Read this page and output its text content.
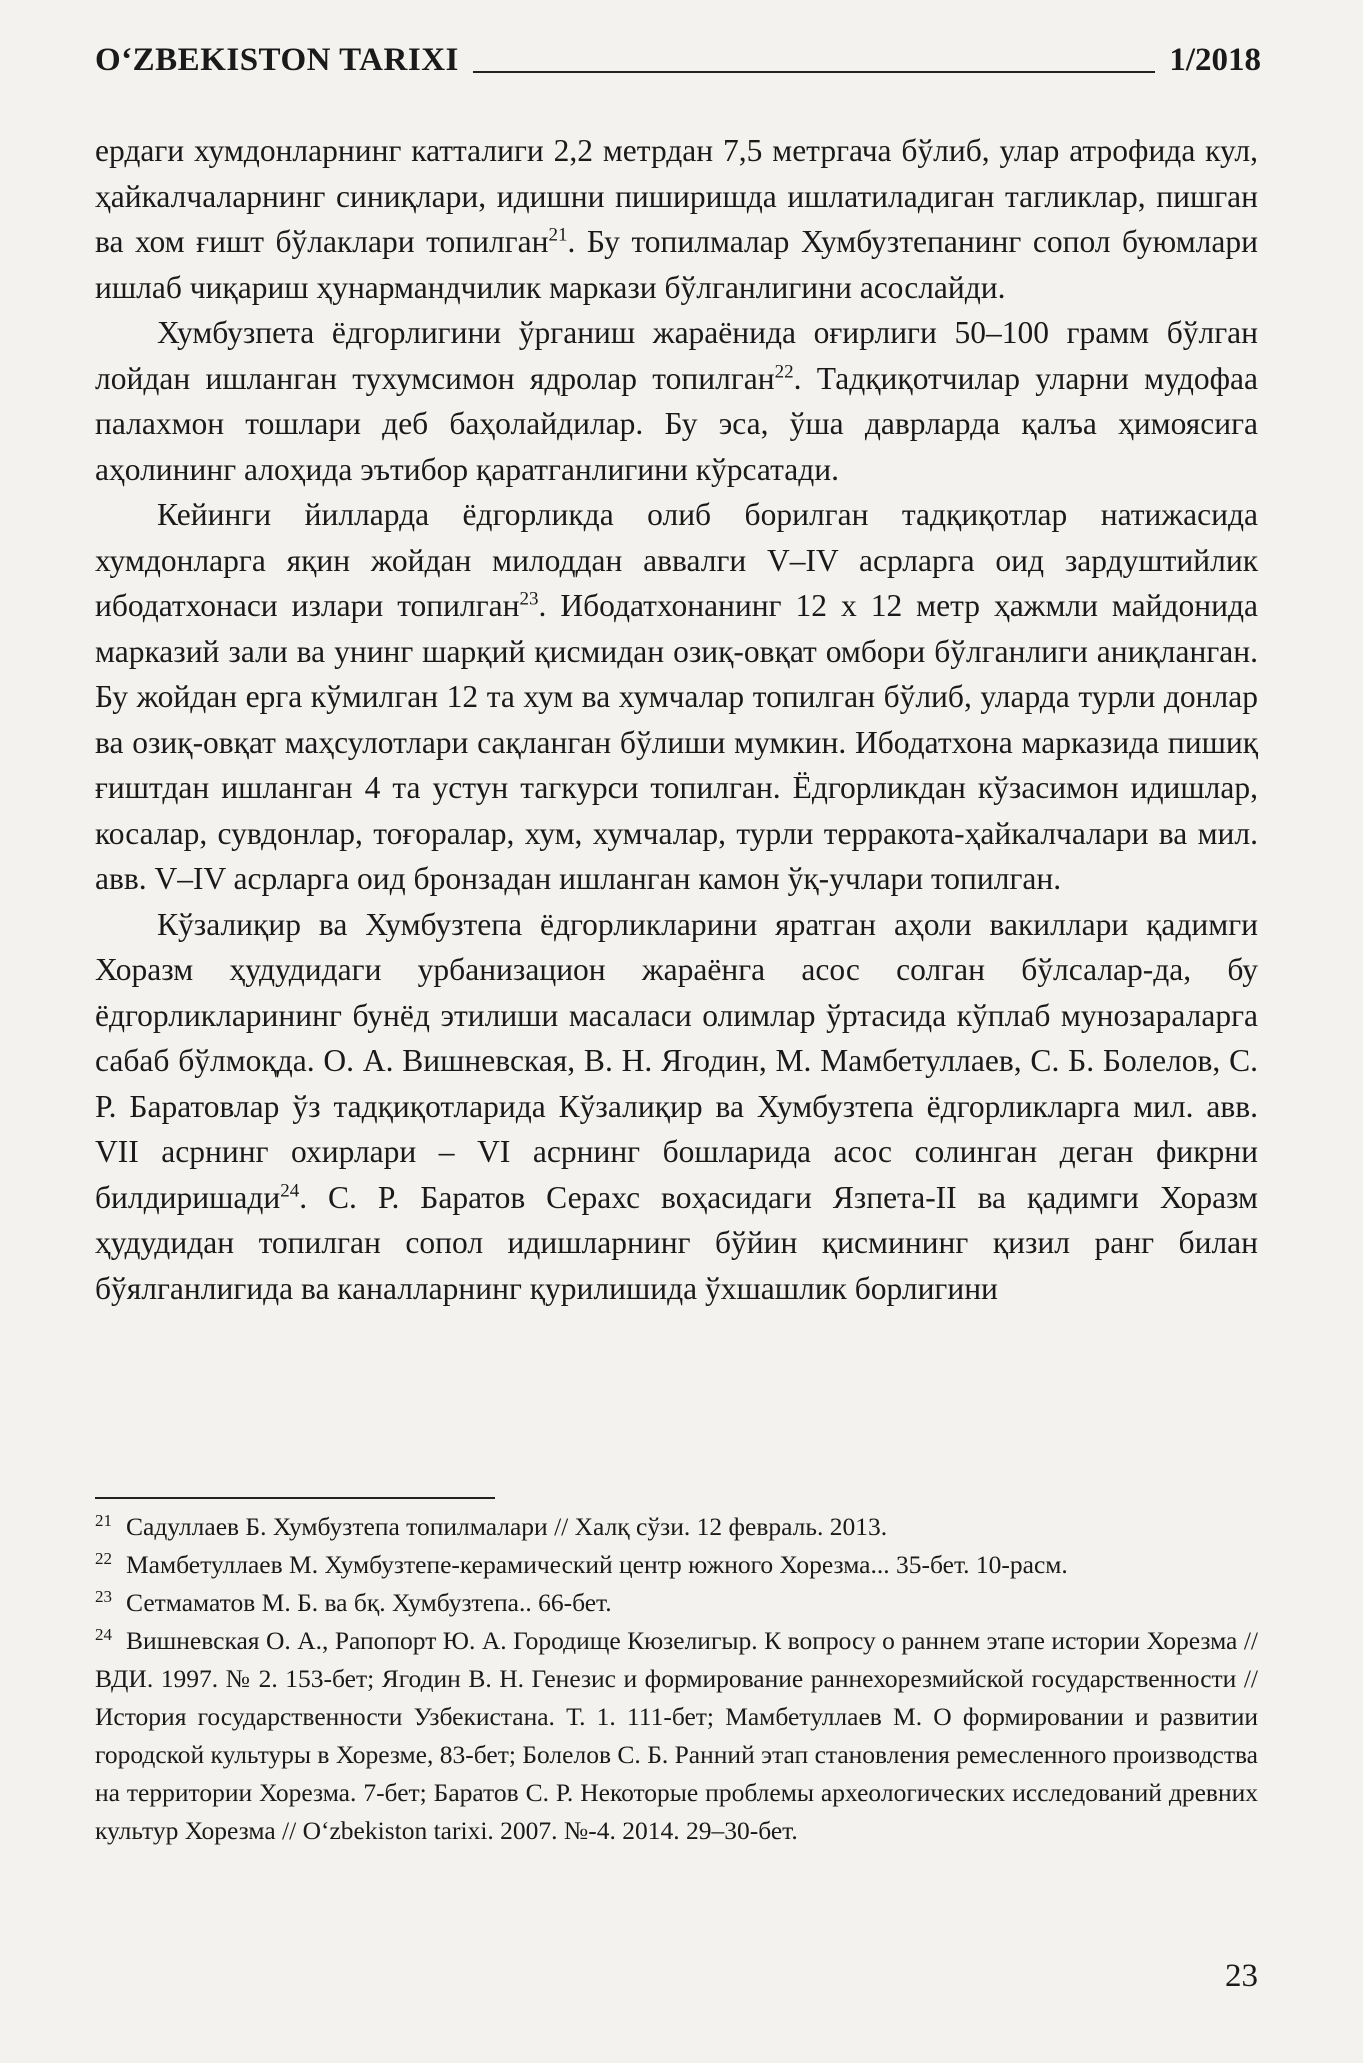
O‘ZBEKISTON TARIXI	1/2018

ердаги хумдонларнинг катталиги 2,2 метрдан 7,5 метргача бўлиб, улар атрофида кул, ҳайкалчаларнинг синиқлари, идишни пиширишда ишлатиладиган тагликлар, пишган ва хом ғишт бўлаклари топилган$^{21}$. Бу топилмалар Хумбузтепанинг сопол буюмлари ишлаб чиқариш ҳунармандчилик маркази бўлганлигини асослайди.

Хумбузпета ёдгорлигини ўрганиш жараёнида оғирлиги 50–100 грамм бўлган лойдан ишланган тухумсимон ядролар топилган$^{22}$. Тадқиқотчилар уларни мудофаа палахмон тошлари деб баҳолайдилар. Бу эса, ўша даврларда қалъа ҳимоясига аҳолининг алоҳида эътибор қаратганлигини кўрсатади.

Кейинги йилларда ёдгорликда олиб борилган тадқиқотлар натижасида хумдонларга яқин жойдан милоддан аввалги V–IV асрларга оид зардуштийлик ибодатхонаси излари топилган$^{23}$. Ибодатхонанинг 12 x 12 метр ҳажмли майдонида марказий зали ва унинг шарқий қисмидан озиқ-овқат омбори бўлганлиги аниқланган. Бу жойдан ерга кўмилган 12 та хум ва хумчалар топилган бўлиб, уларда турли донлар ва озиқ-овқат маҳсулотлари сақланган бўлиши мумкин. Ибодатхона марказида пишиқ ғиштдан ишланган 4 та устун тагкурси топилган. Ёдгорликдан кўзасимон идишлар, косалар, сувдонлар, тоғоралар, хум, хумчалар, турли терракота-ҳайкалчалари ва мил. авв. V–IV асрларга оид бронзадан ишланган камон ўқ-учлари топилган.

Кўзалиқир ва Хумбузтепа ёдгорликларини яратган аҳоли вакиллари қадимги Хоразм ҳудудидаги урбанизацион жараёнга асос солган бўлсалар-да, бу ёдгорликларининг бунёд этилиши масаласи олимлар ўртасида кўплаб мунозараларга сабаб бўлмоқда. О. А. Вишневская, В. Н. Ягодин, М. Мамбетуллаев, С. Б. Болелов, С. Р. Баратовлар ўз тадқиқотларида Кўзалиқир ва Хумбузтепа ёдгорликларга мил. авв. VII асрнинг охирлари – VI асрнинг бошларида асос солинган деган фикрни билдиришади$^{24}$. С. Р. Баратов Серахс воҳасидаги Язпета-II ва қадимги Хоразм ҳудудидан топилган сопол идишларнинг бўйин қисмининг қизил ранг билан бўялганлигида ва каналларнинг қурилишида ўхшашлик борлигини

$^{21}$ Садуллаев Б. Хумбузтепа топилмалари // Халқ сўзи. 12 февраль. 2013.

$^{22}$ Мамбетуллаев М. Хумбузтепе-керамический центр южного Хорезма... 35-бет. 10-расм.

$^{23}$ Сетмаматов М. Б. ва бқ. Хумбузтепа.. 66-бет.

$^{24}$ Вишневская О. А., Рапопорт Ю. А. Городище Кюзелигыр. К вопросу о раннем этапе истории Хорезма // ВДИ. 1997. № 2. 153-бет; Ягодин В. Н. Генезис и формирование раннехорезмийской государственности // История государственности Узбекистана. Т. 1. 111-бет; Мамбетуллаев М. О формировании и развитии городской культуры в Хорезме, 83-бет; Болелов С. Б. Ранний этап становления ремесленного производства на территории Хорезма. 7-бет; Баратов С. Р. Некоторые проблемы археологических исследований древних культур Хорезма // O‘zbekiston tarixi. 2007. №-4. 2014. 29–30-бет.

23
